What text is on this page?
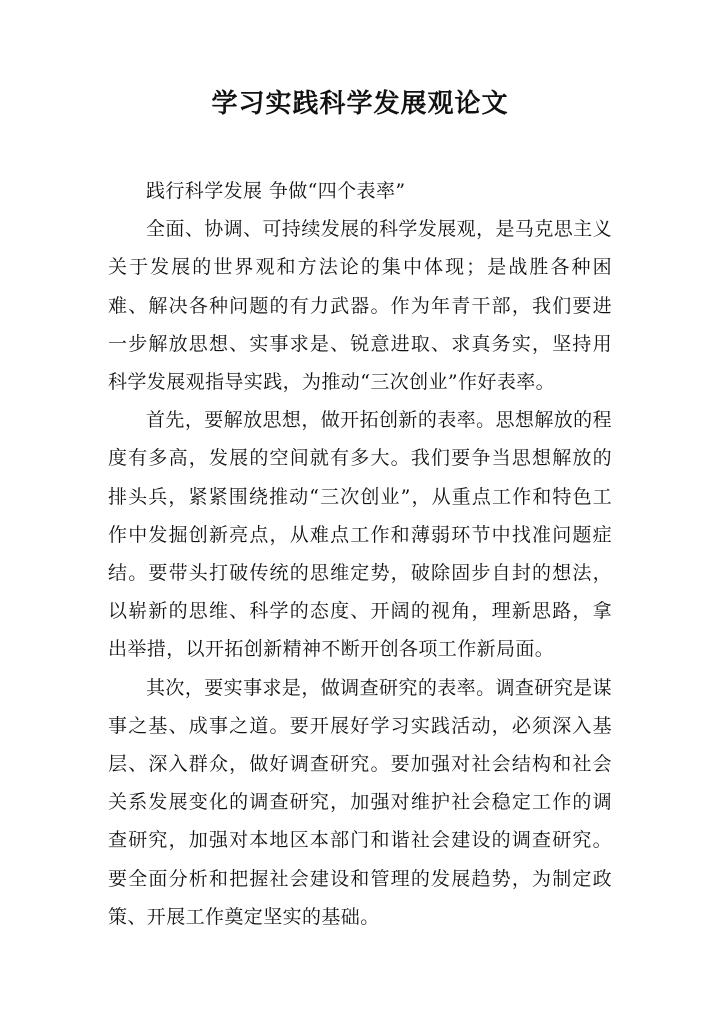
学习实践科学发展观论文

践行科学发展 争做“四个表率”

全面、协调、可持续发展的科学发展观，是马克思主义关于发展的世界观和方法论的集中体现；是战胜各种困难、解决各种问题的有力武器。作为年青干部，我们要进一步解放思想、实事求是、锐意进取、求真务实，坚持用科学发展观指导实践，为推动“三次创业”作好表率。

首先，要解放思想，做开拓创新的表率。思想解放的程度有多高，发展的空间就有多大。我们要争当思想解放的排头兵，紧紧围绕推动“三次创业”，从重点工作和特色工作中发掘创新亮点，从难点工作和薄弱环节中找准问题症结。要带头打破传统的思维定势，破除固步自封的想法，以崭新的思维、科学的态度、开阔的视角，理新思路，拿出举措，以开拓创新精神不断开创各项工作新局面。

其次，要实事求是，做调查研究的表率。调查研究是谋事之基、成事之道。要开展好学习实践活动，必须深入基层、深入群众，做好调查研究。要加强对社会结构和社会关系发展变化的调查研究，加强对维护社会稳定工作的调查研究，加强对本地区本部门和谐社会建设的调查研究。要全面分析和把握社会建设和管理的发展趋势，为制定政策、开展工作奠定坚实的基础。
